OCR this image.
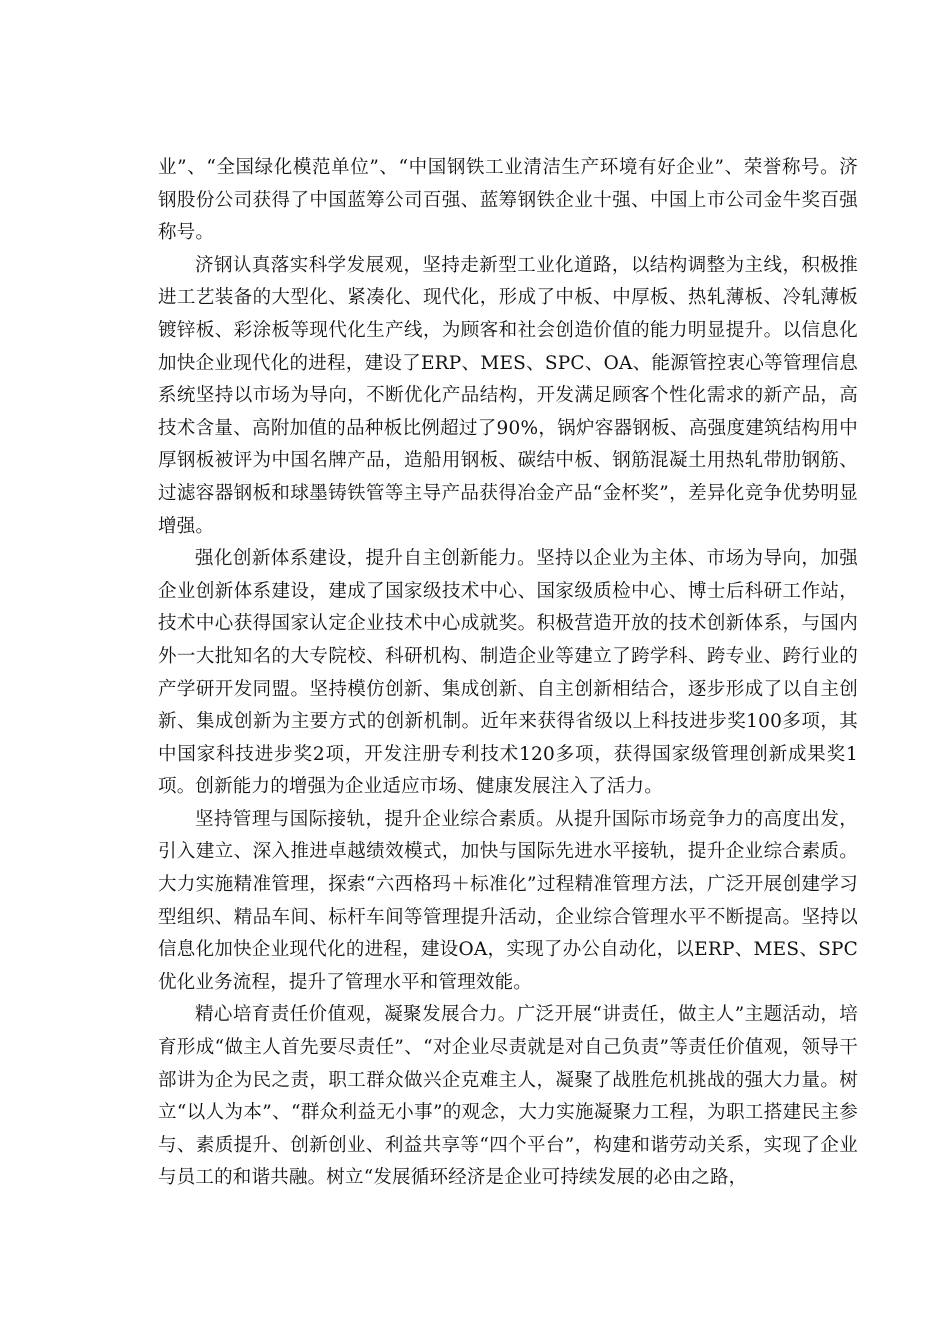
业”、“全国绿化模范单位”、“中国钢铁工业清洁生产环境有好企业”、荣誉称号。济钢股份公司获得了中国蓝筹公司百强、蓝筹钢铁企业十强、中国上市公司金牛奖百强称号。

济钢认真落实科学发展观，坚持走新型工业化道路，以结构调整为主线，积极推进工艺装备的大型化、紧凑化、现代化，形成了中板、中厚板、热轧薄板、冷轧薄板镀锌板、彩涂板等现代化生产线，为顾客和社会创造价值的能力明显提升。以信息化加快企业现代化的进程，建设了ERP、MES、SPC、OA、能源管控衷心等管理信息系统坚持以市场为导向，不断优化产品结构，开发满足顾客个性化需求的新产品，高技术含量、高附加值的品种板比例超过了90%，锅炉容器钢板、高强度建筑结构用中厚钢板被评为中国名牌产品，造船用钢板、碳结中板、钢筋混凝土用热轧带肋钢筋、过滤容器钢板和球墨铸铁管等主导产品获得冶金产品“金杯奖”，差异化竞争优势明显增强。

强化创新体系建设，提升自主创新能力。坚持以企业为主体、市场为导向，加强企业创新体系建设，建成了国家级技术中心、国家级质检中心、博士后科研工作站，技术中心获得国家认定企业技术中心成就奖。积极营造开放的技术创新体系，与国内外一大批知名的大专院校、科研机构、制造企业等建立了跨学科、跨专业、跨行业的产学研开发同盟。坚持模仿创新、集成创新、自主创新相结合，逐步形成了以自主创新、集成创新为主要方式的创新机制。近年来获得省级以上科技进步奖100多项，其中国家科技进步奖2项，开发注册专利技术120多项，获得国家级管理创新成果奖1项。创新能力的增强为企业适应市场、健康发展注入了活力。

坚持管理与国际接轨，提升企业综合素质。从提升国际市场竞争力的高度出发，引入建立、深入推进卓越绩效模式，加快与国际先进水平接轨，提升企业综合素质。大力实施精准管理，探索“六西格玛＋标准化”过程精准管理方法，广泛开展创建学习型组织、精品车间、标杆车间等管理提升活动，企业综合管理水平不断提高。坚持以信息化加快企业现代化的进程，建设OA，实现了办公自动化，以ERP、MES、SPC优化业务流程，提升了管理水平和管理效能。

精心培育责任价值观，凝聚发展合力。广泛开展“讲责任，做主人”主题活动，培育形成“做主人首先要尽责任”、“对企业尽责就是对自己负责”等责任价值观，领导干部讲为企为民之责，职工群众做兴企克难主人，凝聚了战胜危机挑战的强大力量。树立“以人为本”、“群众利益无小事”的观念，大力实施凝聚力工程，为职工搭建民主参与、素质提升、创新创业、利益共享等“四个平台”，构建和谐劳动关系，实现了企业与员工的和谐共融。树立“发展循环经济是企业可持续发展的必由之路，
